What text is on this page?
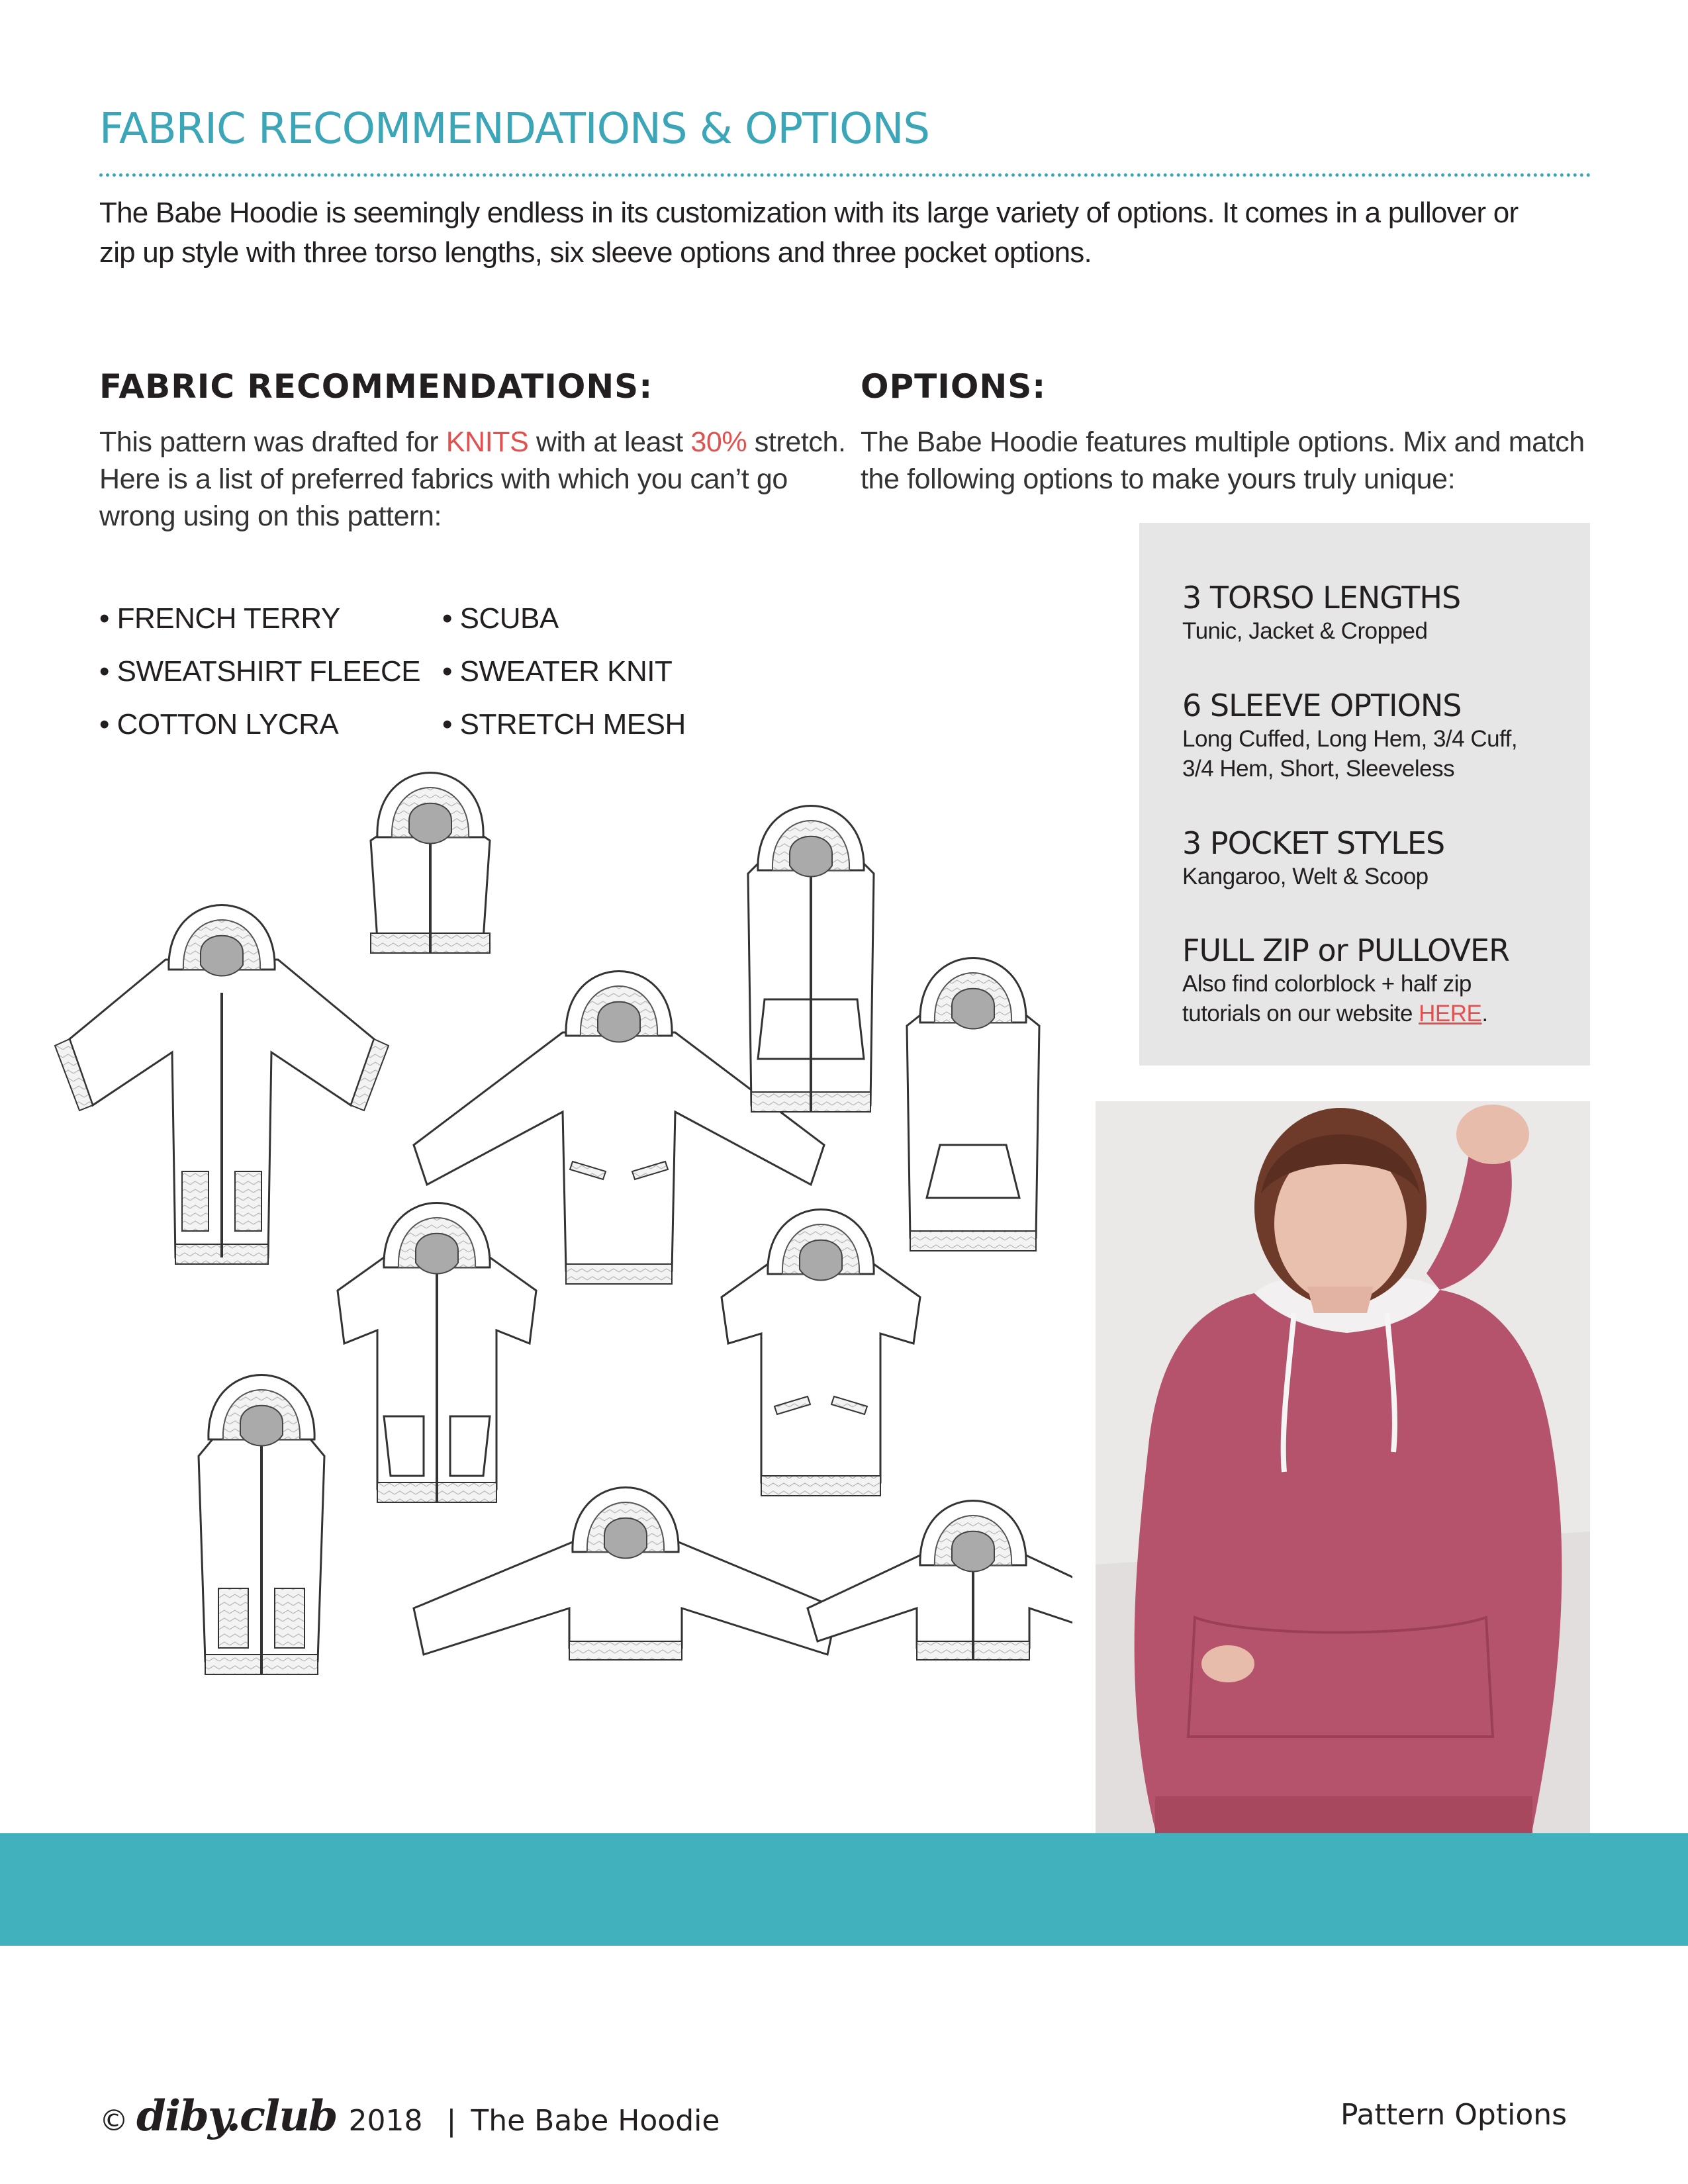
FABRIC RECOMMENDATIONS & OPTIONS

The Babe Hoodie is seemingly endless in its customization with its large variety of options. It comes in a pullover or zip up style with three torso lengths, six sleeve options and three pocket options.

FABRIC RECOMMENDATIONS:

This pattern was drafted for KNITS with at least 30% stretch. Here is a list of preferred fabrics with which you can’t go wrong using on this pattern:

• FRENCH TERRY
• SWEATSHIRT FLEECE
• COTTON LYCRA
• SCUBA
• SWEATER KNIT
• STRETCH MESH
OPTIONS:

The Babe Hoodie features multiple options. Mix and match the following options to make yours truly unique:

3 TORSO LENGTHS
Tunic, Jacket & Cropped
6 SLEEVE OPTIONS
Long Cuffed, Long Hem, 3/4 Cuff,
3/4 Hem, Short, Sleeveless
3 POCKET STYLES
Kangaroo, Welt & Scoop
FULL ZIP or PULLOVER
Also find colorblock + half zip
tutorials on our website HERE.
© diby.club 2018 | The Babe Hoodie	Pattern Options
